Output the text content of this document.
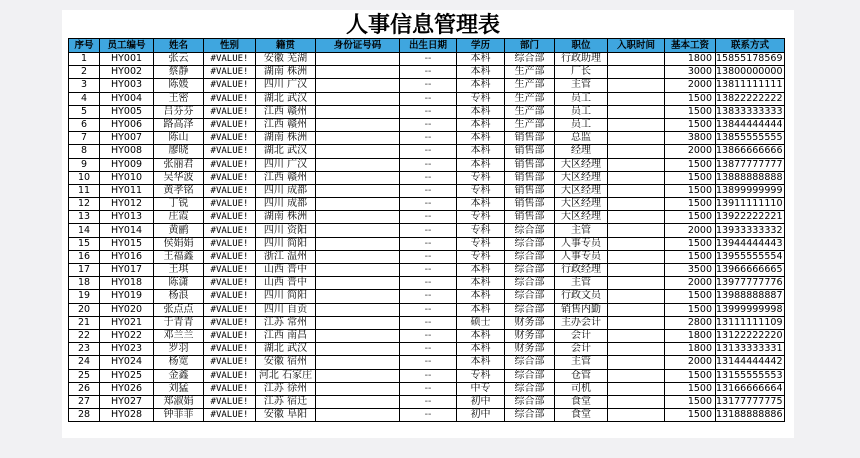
人事信息管理表
序号	员工编号	姓名	性别	籍贯	身份证号码	出生日期	学历	部门	职位	入职时间	基本工资	联系方式
1	HY001	张云	#VALUE!	安徽 芜湖		--	本科	综合部	行政助理		1800	15855178569
2	HY002	蔡静	#VALUE!	湖南 株洲		--	本科	生产部	厂长		3000	13800000000
3	HY003	陈媛	#VALUE!	四川 广汉		--	本科	生产部	主管		2000	13811111111
4	HY004	王密	#VALUE!	湖北 武汉		--	专科	生产部	员工		1500	13822222222
5	HY005	吕芬芬	#VALUE!	江西 赣州		--	本科	生产部	员工		1500	13833333333
6	HY006	路高泽	#VALUE!	江西 赣州		--	本科	生产部	员工		1500	13844444444
7	HY007	陈山	#VALUE!	湖南 株洲		--	本科	销售部	总监		3800	13855555555
8	HY008	廖晓	#VALUE!	湖北 武汉		--	本科	销售部	经理		2000	13866666666
9	HY009	张丽君	#VALUE!	四川 广汉		--	本科	销售部	大区经理		1500	13877777777
10	HY010	吴华波	#VALUE!	江西 赣州		--	专科	销售部	大区经理		1500	13888888888
11	HY011	黄孝铭	#VALUE!	四川 成都		--	专科	销售部	大区经理		1500	13899999999
12	HY012	丁锐	#VALUE!	四川 成都		--	本科	销售部	大区经理		1500	13911111110
13	HY013	庄霞	#VALUE!	湖南 株洲		--	专科	销售部	大区经理		1500	13922222221
14	HY014	黄鹂	#VALUE!	四川 资阳		--	专科	综合部	主管		2000	13933333332
15	HY015	侯娟娟	#VALUE!	四川 简阳		--	专科	综合部	人事专员		1500	13944444443
16	HY016	王福鑫	#VALUE!	浙江 温州		--	专科	综合部	人事专员		1500	13955555554
17	HY017	王琪	#VALUE!	山西 晋中		--	本科	综合部	行政经理		3500	13966666665
18	HY018	陈潇	#VALUE!	山西 晋中		--	本科	综合部	主管		2000	13977777776
19	HY019	杨浪	#VALUE!	四川 简阳		--	本科	综合部	行政文员		1500	13988888887
20	HY020	张点点	#VALUE!	四川 自贡		--	本科	综合部	销售内勤		1500	13999999998
21	HY021	于青青	#VALUE!	江苏 常州		--	硕士	财务部	主办会计		2800	13111111109
22	HY022	邓兰兰	#VALUE!	江西 南昌		--	本科	财务部	会计		1800	13122222220
23	HY023	罗羽	#VALUE!	湖北 武汉		--	本科	财务部	会计		1800	13133333331
24	HY024	杨宽	#VALUE!	安徽 宿州		--	本科	综合部	主管		2000	13144444442
25	HY025	金鑫	#VALUE!	河北 石家庄		--	专科	综合部	仓管		1500	13155555553
26	HY026	刘猛	#VALUE!	江苏 徐州		--	中专	综合部	司机		1500	13166666664
27	HY027	郑淑娟	#VALUE!	江苏 宿迁		--	初中	综合部	食堂		1500	13177777775
28	HY028	钟菲菲	#VALUE!	安徽 阜阳		--	初中	综合部	食堂		1500	13188888886
